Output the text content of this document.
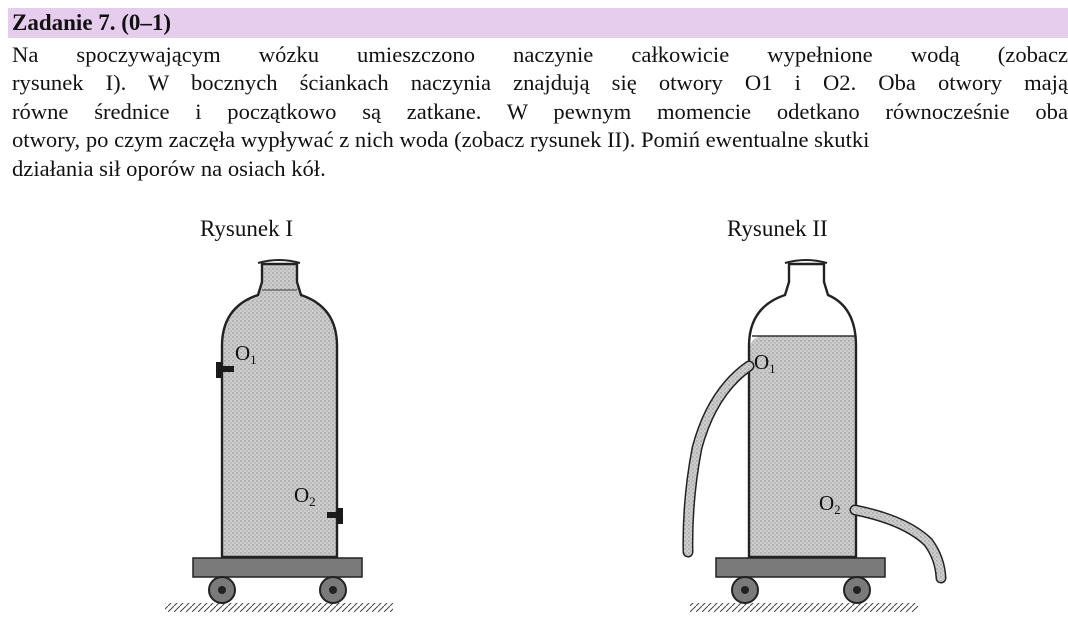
Zadanie 7. (0–1)
Na spoczywającym wózku umieszczono naczynie całkowicie wypełnione wodą (zobacz
rysunek I). W bocznych ściankach naczynia znajdują się otwory O1 i O2. Oba otwory mają
równe średnice i początkowo są zatkane. W pewnym momencie odetkano równocześnie oba
otwory, po czym zaczęła wypływać z nich woda (zobacz rysunek II). Pomiń ewentualne skutki
działania sił oporów na osiach kół.
Rysunek I	Rysunek II
O1
O2
O1
O2
